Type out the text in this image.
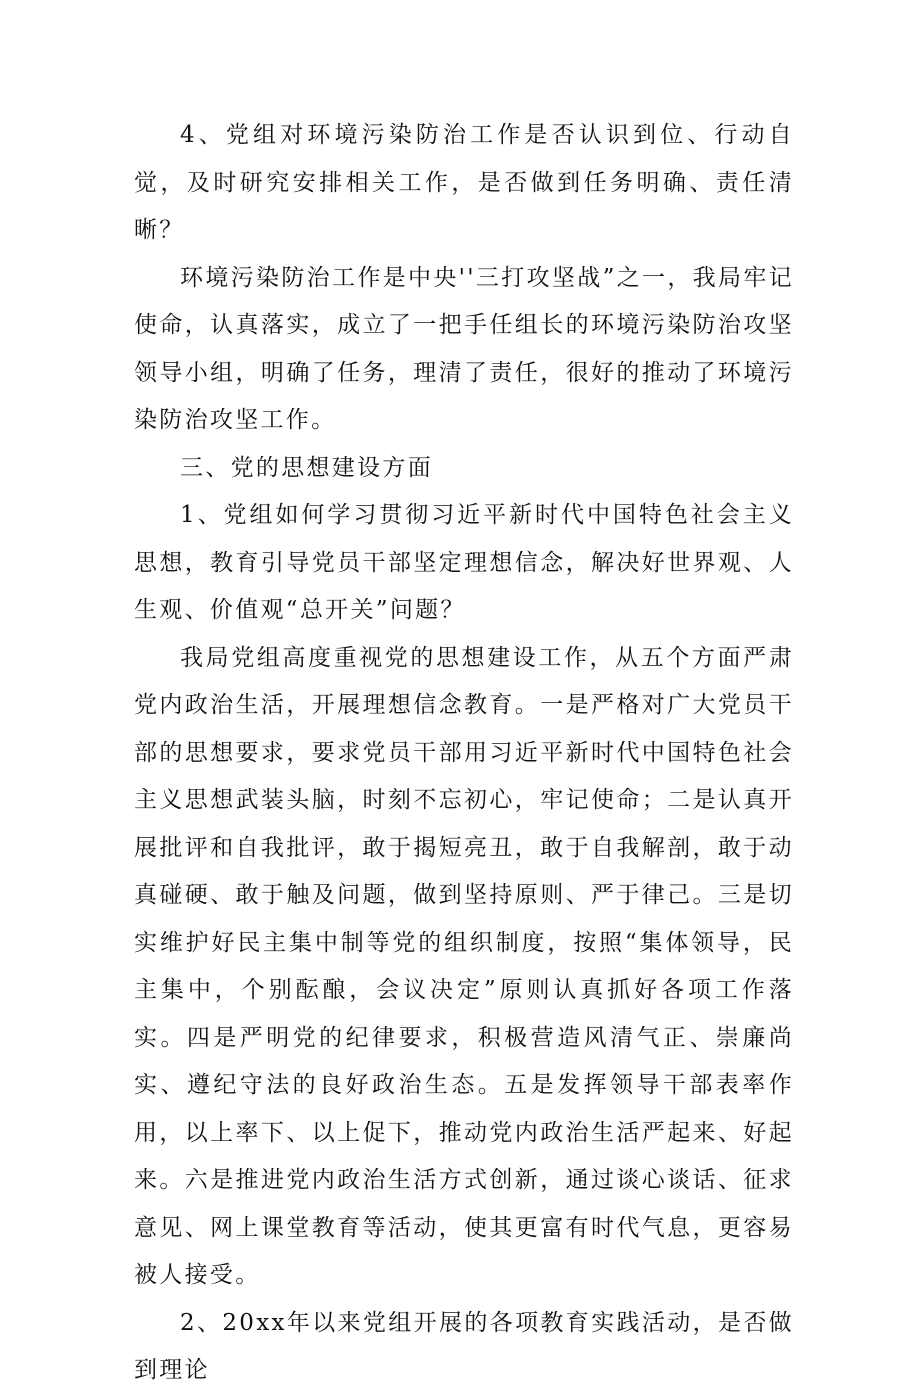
4、党组对环境污染防治工作是否认识到位、行动自觉，及时研究安排相关工作，是否做到任务明确、责任清晰？

环境污染防治工作是中央''三打攻坚战”之一，我局牢记使命，认真落实，成立了一把手任组长的环境污染防治攻坚领导小组，明确了任务，理清了责任，很好的推动了环境污染防治攻坚工作。

三、党的思想建设方面

1、党组如何学习贯彻习近平新时代中国特色社会主义思想，教育引导党员干部坚定理想信念，解决好世界观、人生观、价值观“总开关”问题？

我局党组高度重视党的思想建设工作，从五个方面严肃党内政治生活，开展理想信念教育。一是严格对广大党员干部的思想要求，要求党员干部用习近平新时代中国特色社会主义思想武装头脑，时刻不忘初心，牢记使命；二是认真开展批评和自我批评，敢于揭短亮丑，敢于自我解剖，敢于动真碰硬、敢于触及问题，做到坚持原则、严于律己。三是切实维护好民主集中制等党的组织制度，按照“集体领导，民主集中，个别酝酿，会议决定”原则认真抓好各项工作落实。四是严明党的纪律要求，积极营造风清气正、崇廉尚实、遵纪守法的良好政治生态。五是发挥领导干部表率作用，以上率下、以上促下，推动党内政治生活严起来、好起来。六是推进党内政治生活方式创新，通过谈心谈话、征求意见、网上课堂教育等活动，使其更富有时代气息，更容易被人接受。

2、20xx年以来党组开展的各项教育实践活动，是否做到理论
